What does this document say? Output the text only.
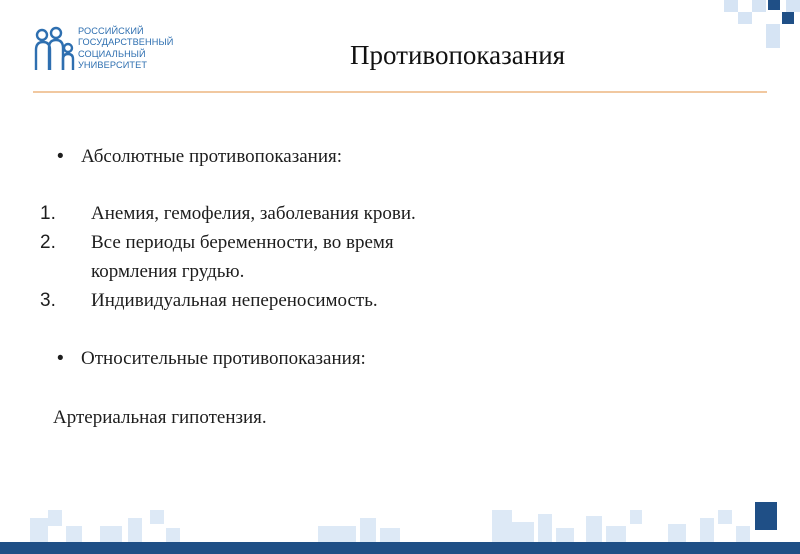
РОССИЙСКИЙ
ГОСУДАРСТВЕННЫЙ
СОЦИАЛЬНЫЙ
УНИВЕРСИТЕТ	Противопоказания
• Абсолютные противопоказания:
1.	Анемия, гемофелия, заболевания крови.
2.	Все периоды беременности, во время
кормления грудью.
3.	Индивидуальная непереносимость.
• Относительные противопоказания:
Артериальная гипотензия.
